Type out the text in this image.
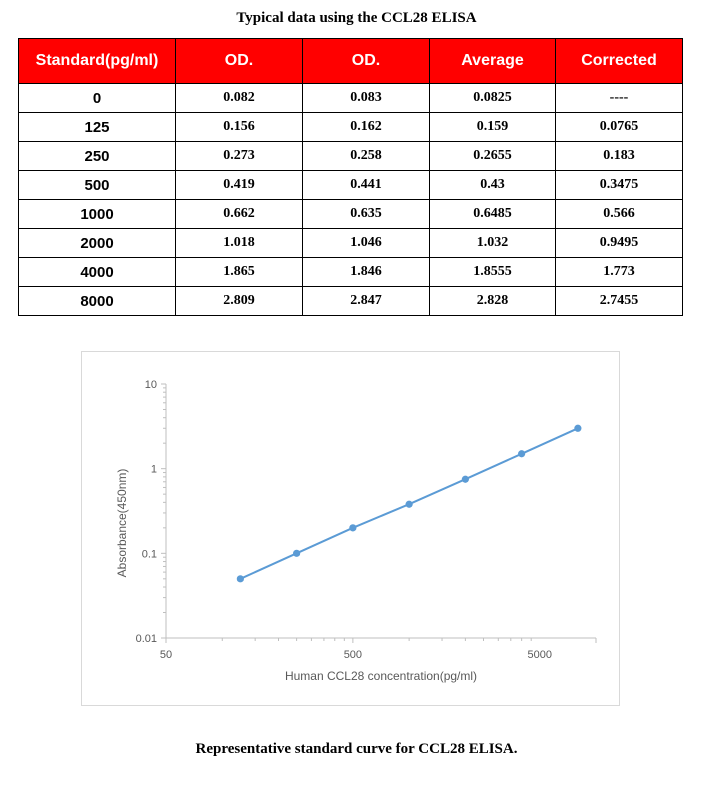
Typical data using the CCL28 ELISA
Standard(pg/ml)	OD.	OD.	Average	Corrected
0	0.082	0.083	0.0825	----
125	0.156	0.162	0.159	0.0765
250	0.273	0.258	0.2655	0.183
500	0.419	0.441	0.43	0.3475
1000	0.662	0.635	0.6485	0.566
2000	1.018	1.046	1.032	0.9495
4000	1.865	1.846	1.8555	1.773
8000	2.809	2.847	2.828	2.7455
0.01
0.1
1
10
50	500	5000
Human CCL28 concentration(pg/ml)
Absorbance(450nm)
Representative standard curve for CCL28 ELISA.
